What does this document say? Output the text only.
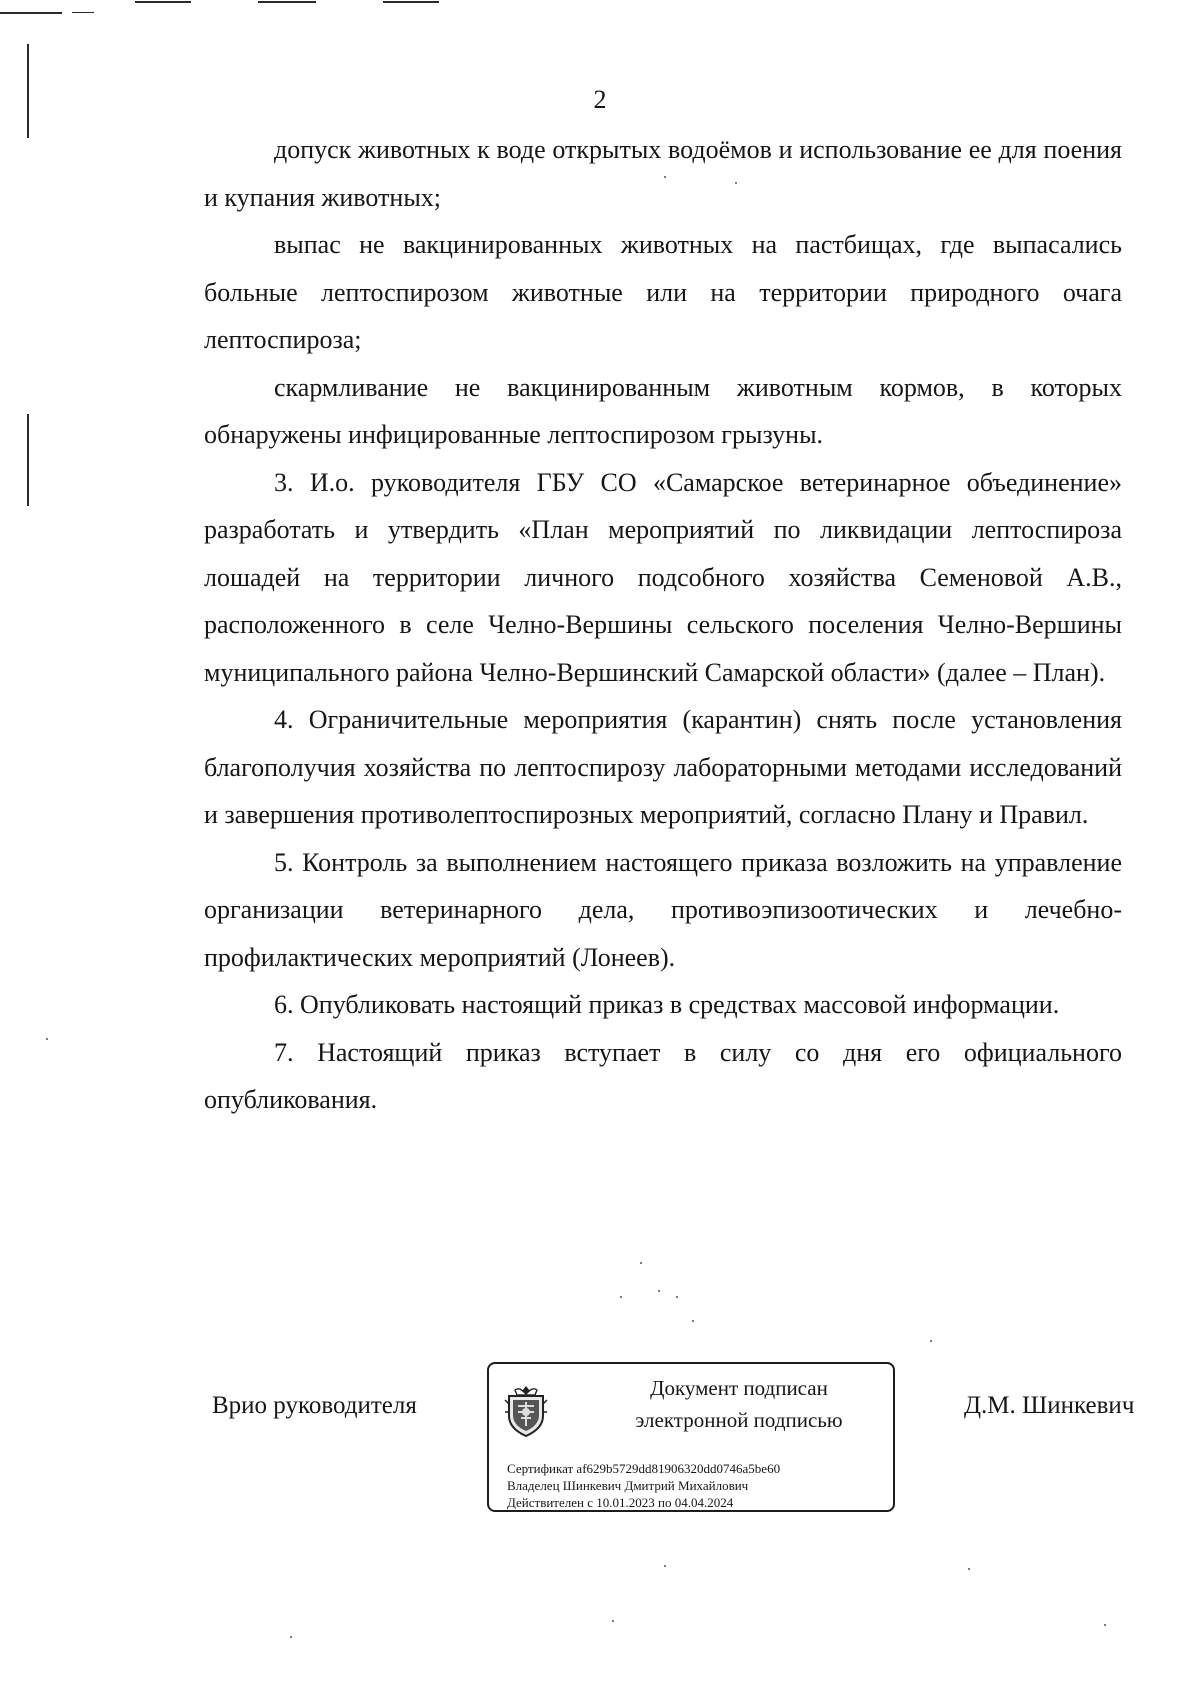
2

допуск животных к воде открытых водоёмов и использование ее для поения и купания животных;

выпас не вакцинированных животных на пастбищах, где выпасались больные лептоспирозом животные или на территории природного очага лептоспироза;

скармливание не вакцинированным животным кормов, в которых обнаружены инфицированные лептоспирозом грызуны.

3. И.о. руководителя ГБУ СО «Самарское ветеринарное объединение» разработать и утвердить «План мероприятий по ликвидации лептоспироза лошадей на территории личного подсобного хозяйства Семеновой А.В., расположенного в селе Челно-Вершины сельского поселения Челно-Вершины муниципального района Челно-Вершинский Самарской области» (далее – План).

4. Ограничительные мероприятия (карантин) снять после установления благополучия хозяйства по лептоспирозу лабораторными методами исследований и завершения противолептоспирозных мероприятий, согласно Плану и Правил.

5. Контроль за выполнением настоящего приказа возложить на управление организации ветеринарного дела, противоэпизоотических и лечебно-профилактических мероприятий (Лонеев).

6. Опубликовать настоящий приказ в средствах массовой информации.

7. Настоящий приказ вступает в силу со дня его официального опубликования.

Врио руководителя
Документ подписан
электронной подписью
Сертификат af629b5729dd81906320dd0746a5be60
Владелец Шинкевич Дмитрий Михайлович
Действителен с 10.01.2023 по 04.04.2024
Д.М. Шинкевич
